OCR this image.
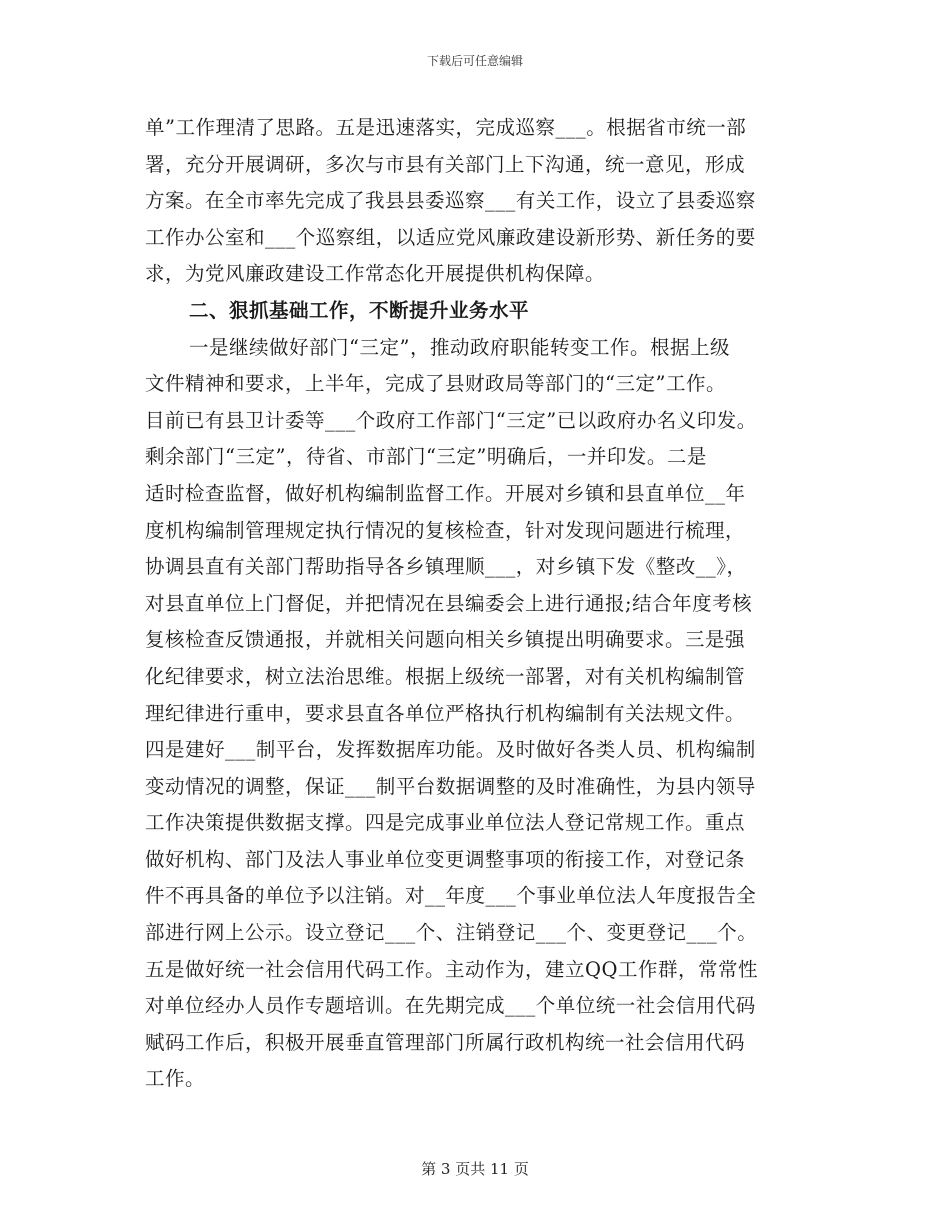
下载后可任意编辑
单”工作理清了思路。五是迅速落实，完成巡察___。根据省市统一部
署，充分开展调研，多次与市县有关部门上下沟通，统一意见，形成
方案。在全市率先完成了我县县委巡察___有关工作，设立了县委巡察
工作办公室和___个巡察组，以适应党风廉政建设新形势、新任务的要
求，为党风廉政建设工作常态化开展提供机构保障。
二、狠抓基础工作，不断提升业务水平
一是继续做好部门“三定”，推动政府职能转变工作。根据上级
文件精神和要求，上半年，完成了县财政局等部门的“三定”工作。
目前已有县卫计委等___个政府工作部门“三定”已以政府办名义印发。
剩余部门“三定”，待省、市部门“三定”明确后，一并印发。二是
适时检查监督，做好机构编制监督工作。开展对乡镇和县直单位__年
度机构编制管理规定执行情况的复核检查，针对发现问题进行梳理，
协调县直有关部门帮助指导各乡镇理顺___，对乡镇下发《整改__》，
对县直单位上门督促，并把情况在县编委会上进行通报;结合年度考核
复核检查反馈通报，并就相关问题向相关乡镇提出明确要求。三是强
化纪律要求，树立法治思维。根据上级统一部署，对有关机构编制管
理纪律进行重申，要求县直各单位严格执行机构编制有关法规文件。
四是建好___制平台，发挥数据库功能。及时做好各类人员、机构编制
变动情况的调整，保证___制平台数据调整的及时准确性，为县内领导
工作决策提供数据支撑。四是完成事业单位法人登记常规工作。重点
做好机构、部门及法人事业单位变更调整事项的衔接工作，对登记条
件不再具备的单位予以注销。对__年度___个事业单位法人年度报告全
部进行网上公示。设立登记___个、注销登记___个、变更登记___个。
五是做好统一社会信用代码工作。主动作为，建立QQ工作群，常常性
对单位经办人员作专题培训。在先期完成___个单位统一社会信用代码
赋码工作后，积极开展垂直管理部门所属行政机构统一社会信用代码
工作。
第 3 页共 11 页
